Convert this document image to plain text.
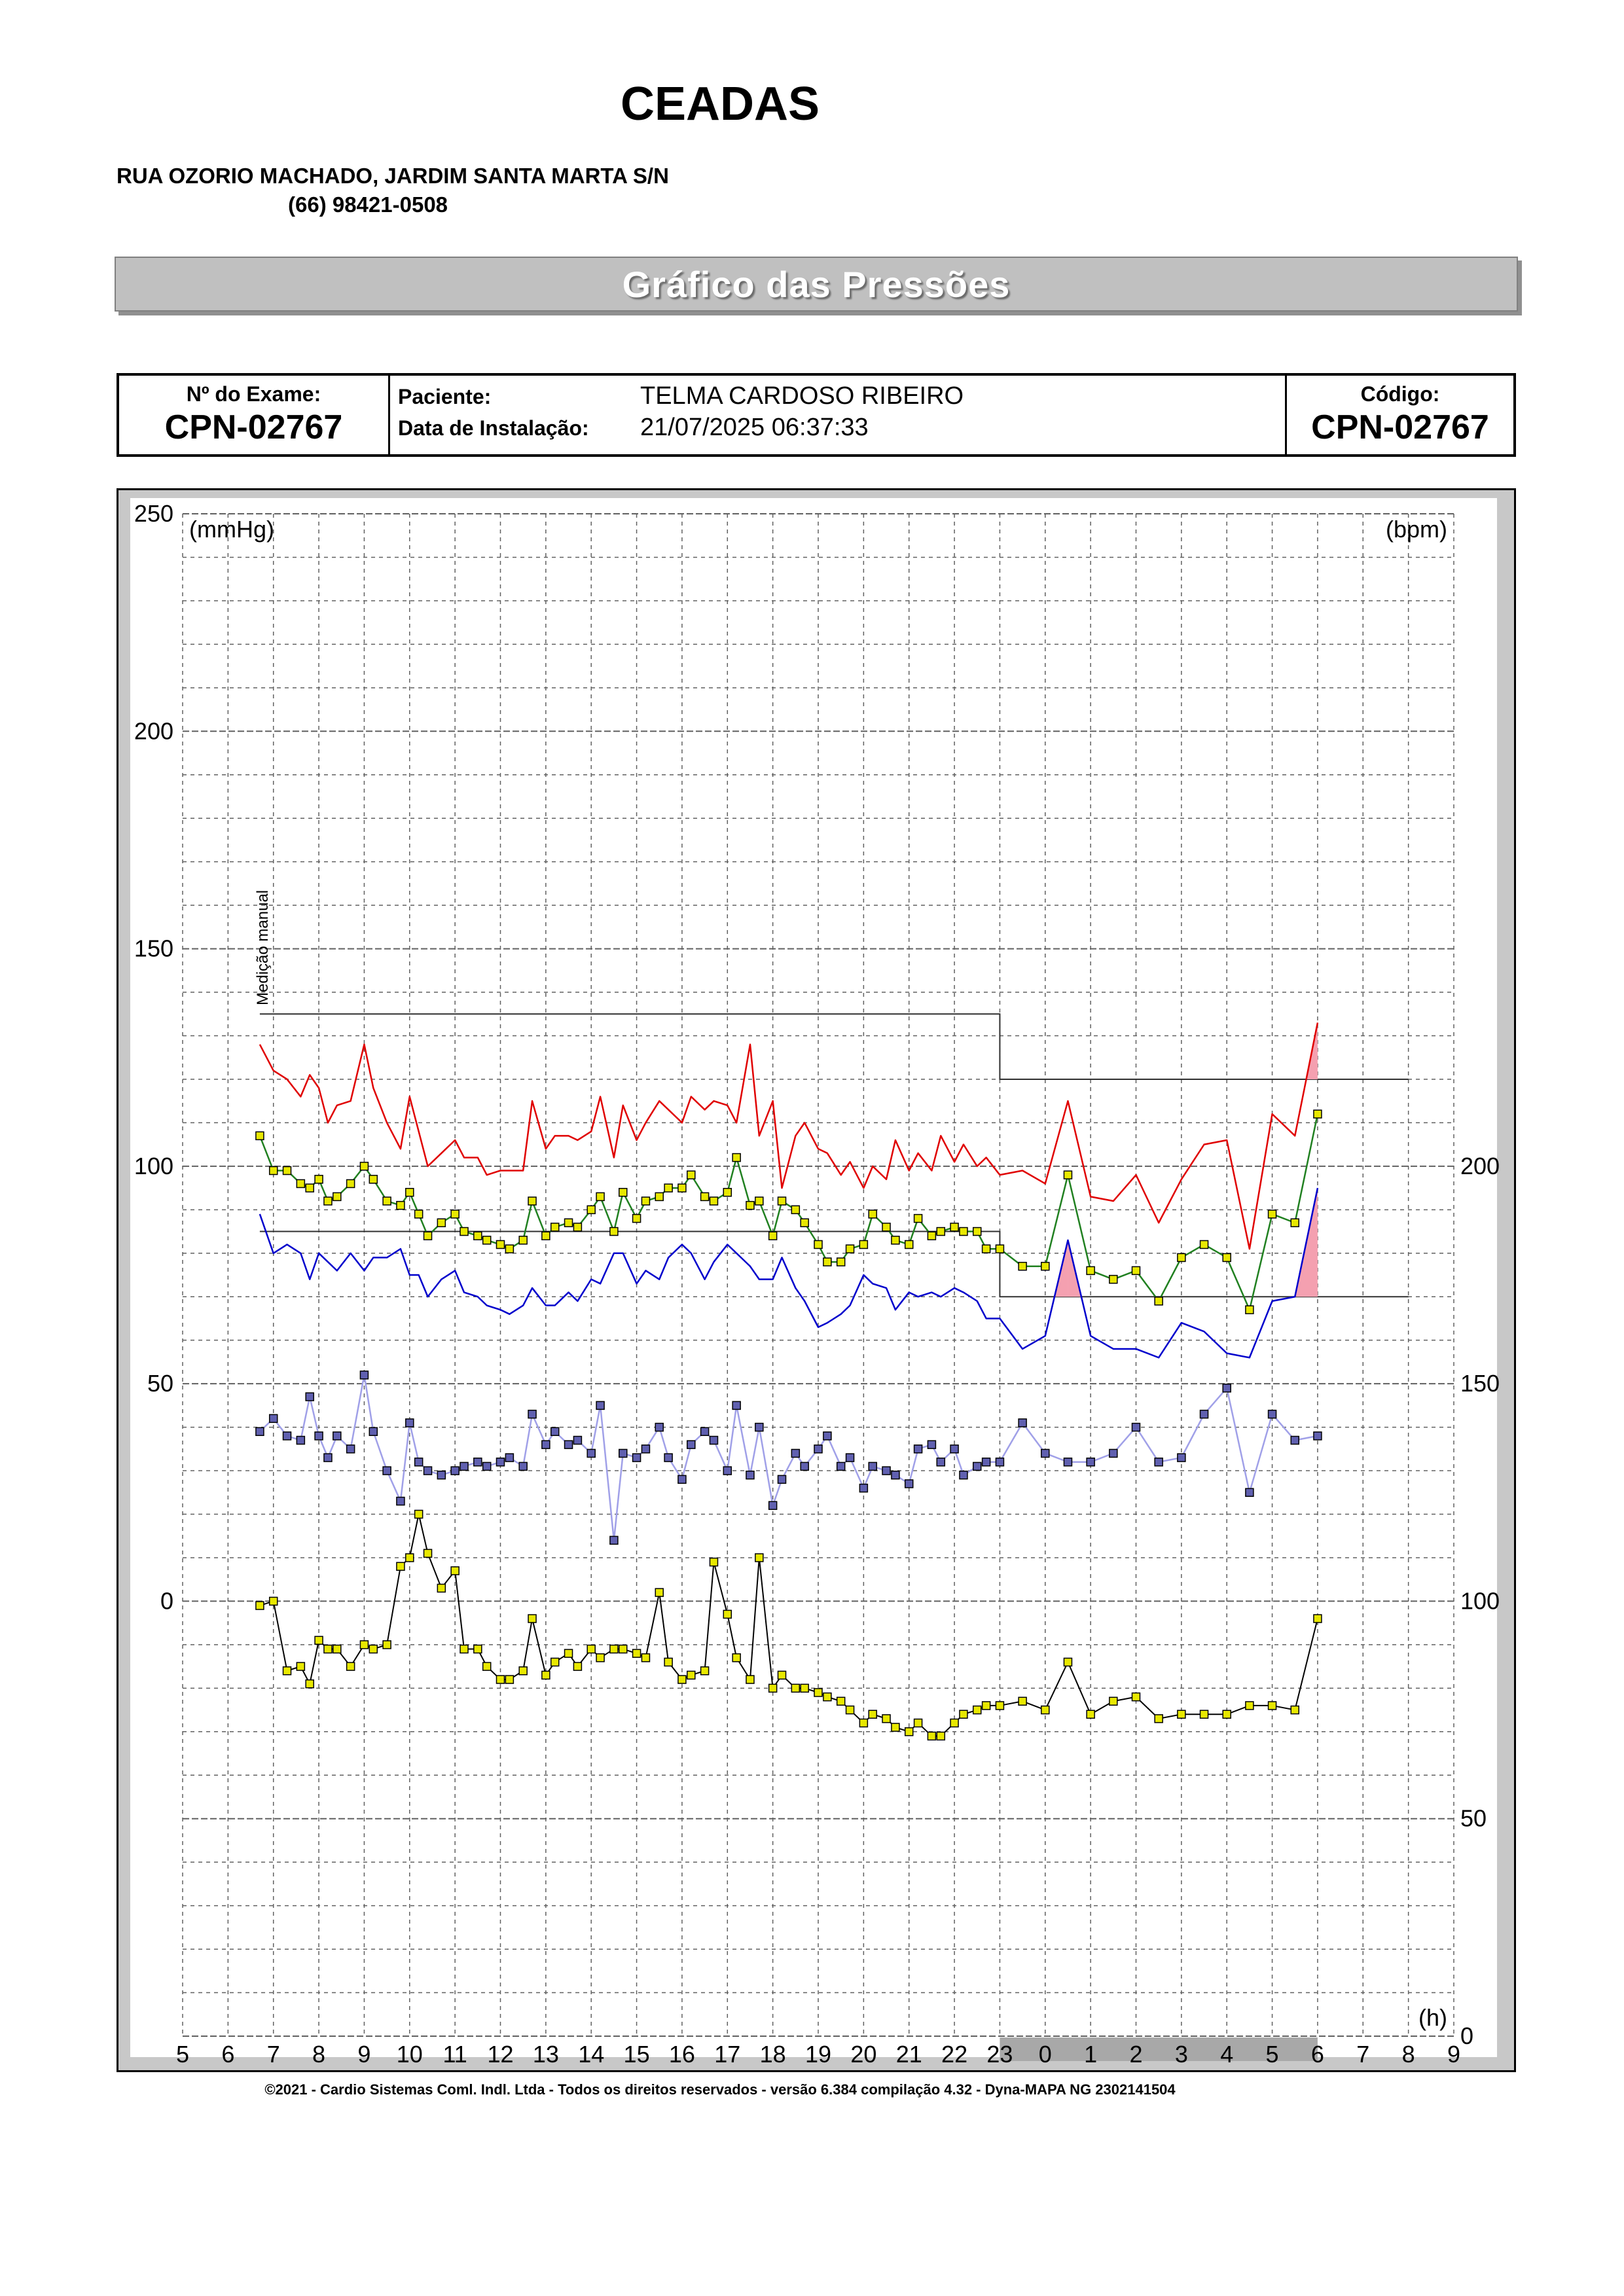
CEADAS
RUA OZORIO MACHADO, JARDIM SANTA MARTA S/N
(66) 98421-0508
Gráfico das Pressões
Nº do Exame:
CPN-02767
Paciente:	TELMA CARDOSO RIBEIRO
Data de Instalação: 21/07/2025 06:37:33
Código:
CPN-02767
250
200
150
100
50
0
200
150
100
50
0
5 6 7 8 9 10 11 12 13 14 15 16 17 18 19 20 21 22 23 0 1 2 3 4 5 6 7 8 9
(mmHg)	(bpm)
(h)
Medição manual
©2021 - Cardio Sistemas Coml. Indl. Ltda - Todos os direitos reservados - versão 6.384 compilação 4.32 - Dyna-MAPA NG 2302141504
